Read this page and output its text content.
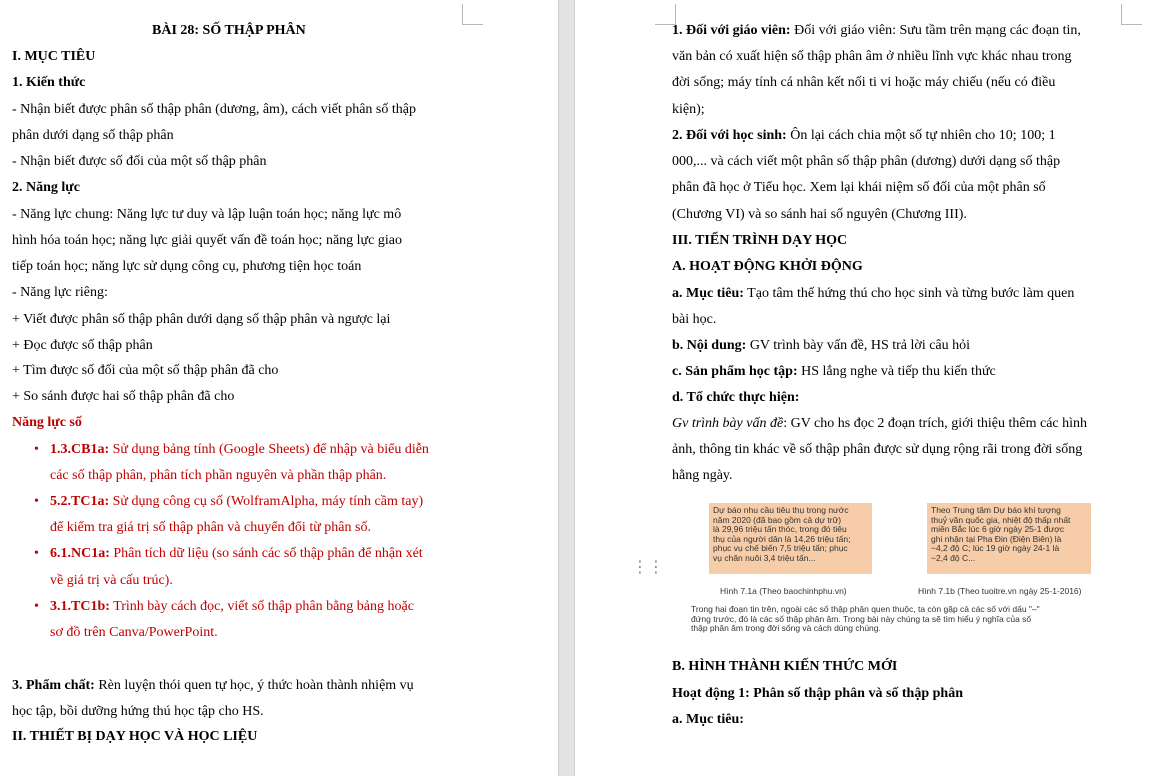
BÀI 28: SỐ THẬP PHÂN
I. MỤC TIÊU
1. Kiến thức
- Nhận biết được phân số thập phân (dương, âm), cách viết phân số thập
phân dưới dạng số thập phân
- Nhận biết được số đối của một số thập phân
2. Năng lực
- Năng lực chung: Năng lực tư duy và lập luận toán học; năng lực mô
hình hóa toán học; năng lực giải quyết vấn đề toán học; năng lực giao
tiếp toán học; năng lực sử dụng công cụ, phương tiện học toán
- Năng lực riêng:
+ Viết được phân số thập phân dưới dạng số thập phân và ngược lại
+ Đọc được số thập phân
+ Tìm được số đối của một số thập phân đã cho
+ So sánh được hai số thập phân đã cho
Năng lực số
• 1.3.CB1a: Sử dụng bảng tính (Google Sheets) để nhập và biểu diễn
các số thập phân, phân tích phần nguyên và phần thập phân.
• 5.2.TC1a: Sử dụng công cụ số (WolframAlpha, máy tính cầm tay)
để kiểm tra giá trị số thập phân và chuyển đổi từ phân số.
• 6.1.NC1a: Phân tích dữ liệu (so sánh các số thập phân để nhận xét
về giá trị và cấu trúc).
• 3.1.TC1b: Trình bày cách đọc, viết số thập phân bằng bảng hoặc
sơ đồ trên Canva/PowerPoint.
3. Phẩm chất: Rèn luyện thói quen tự học, ý thức hoàn thành nhiệm vụ
học tập, bồi dưỡng hứng thú học tập cho HS.
II. THIẾT BỊ DẠY HỌC VÀ HỌC LIỆU
1. Đối với giáo viên: Đối với giáo viên: Sưu tầm trên mạng các đoạn tin,
văn bản có xuất hiện số thập phân âm ở nhiều lĩnh vực khác nhau trong
đời sống; máy tính cá nhân kết nối ti vi hoặc máy chiếu (nếu có điều
kiện);
2. Đối với học sinh: Ôn lại cách chia một số tự nhiên cho 10; 100; 1
000,... và cách viết một phân số thập phân (dương) dưới dạng số thập
phân đã học ở Tiểu học. Xem lại khái niệm số đối của một phân số
(Chương VI) và so sánh hai số nguyên (Chương III).
III. TIẾN TRÌNH DẠY HỌC
A. HOẠT ĐỘNG KHỞI ĐỘNG
a. Mục tiêu: Tạo tâm thế hứng thú cho học sinh và từng bước làm quen
bài học.
b. Nội dung: GV trình bày vấn đề, HS trả lời câu hỏi
c. Sản phẩm học tập: HS lắng nghe và tiếp thu kiến thức
d. Tổ chức thực hiện:
Gv trình bày vấn đề: GV cho hs đọc 2 đoạn trích, giới thiệu thêm các hình
ảnh, thông tin khác về số thập phân được sử dụng rộng rãi trong đời sống
hằng ngày.
⋮⋮
Dự báo nhu cầu tiêu thụ trong nước
năm 2020 (đã bao gồm cả dự trữ)
là 29,96 triệu tấn thóc, trong đó tiêu
thụ của người dân là 14,26 triệu tấn;
phục vụ chế biến 7,5 triệu tấn; phục
vụ chăn nuôi 3,4 triệu tấn...
Theo Trung tâm Dự báo khí tượng
thuỷ văn quốc gia, nhiệt độ thấp nhất
miền Bắc lúc 6 giờ ngày 25-1 được
ghi nhận tại Pha Đin (Điện Biên) là
−4,2 độ C; lúc 19 giờ ngày 24-1 là
−2,4 độ C...
Hình 7.1a (Theo baochinhphu.vn)	Hình 7.1b (Theo tuoitre.vn ngày 25-1-2016)
Trong hai đoạn tin trên, ngoài các số thập phân quen thuộc, ta còn gặp cả các số với dấu "–"
đứng trước, đó là các số thập phân âm. Trong bài này chúng ta sẽ tìm hiểu ý nghĩa của số
thập phân âm trong đời sống và cách dùng chúng.
B. HÌNH THÀNH KIẾN THỨC MỚI
Hoạt động 1: Phân số thập phân và số thập phân
a. Mục tiêu:
